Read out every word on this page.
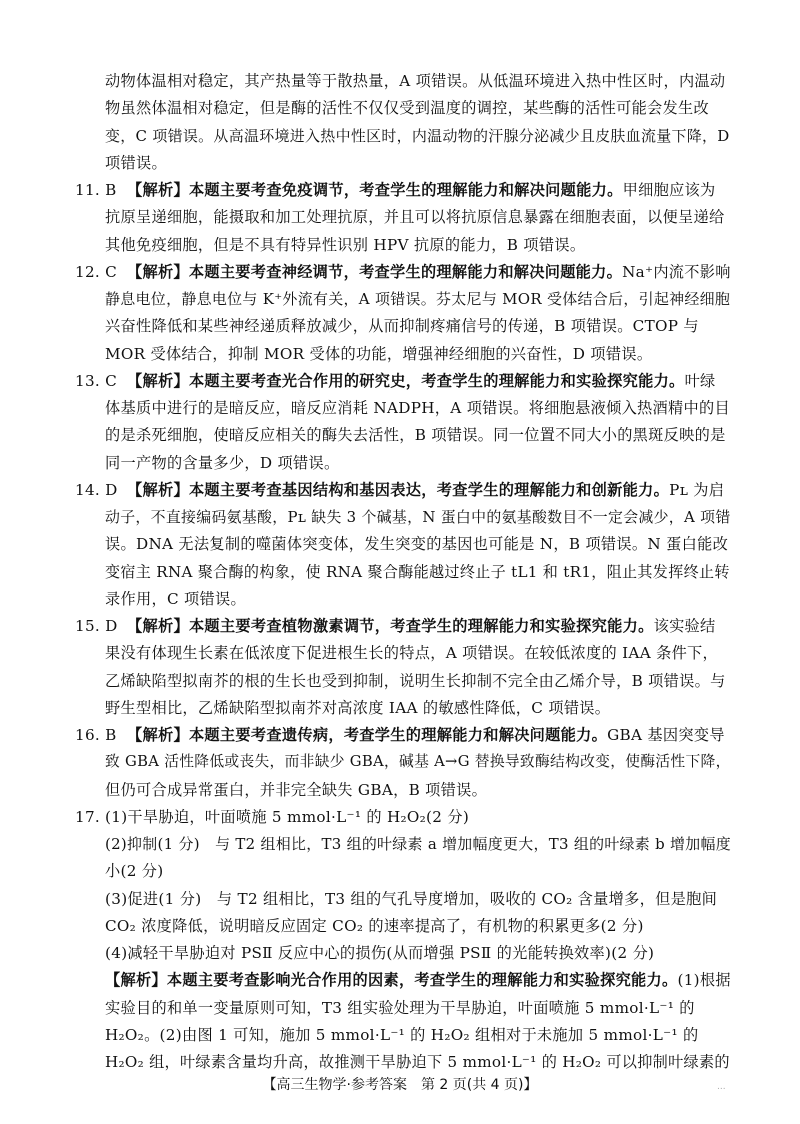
动物体温相对稳定，其产热量等于散热量，A 项错误。从低温环境进入热中性区时，内温动
物虽然体温相对稳定，但是酶的活性不仅仅受到温度的调控，某些酶的活性可能会发生改
变，C 项错误。从高温环境进入热中性区时，内温动物的汗腺分泌减少且皮肤血流量下降，D
项错误。
11. B 【解析】本题主要考查免疫调节，考查学生的理解能力和解决问题能力。甲细胞应该为
抗原呈递细胞，能摄取和加工处理抗原，并且可以将抗原信息暴露在细胞表面，以便呈递给
其他免疫细胞，但是不具有特异性识别 HPV 抗原的能力，B 项错误。
12. C 【解析】本题主要考查神经调节，考查学生的理解能力和解决问题能力。Na⁺内流不影响
静息电位，静息电位与 K⁺外流有关，A 项错误。芬太尼与 MOR 受体结合后，引起神经细胞
兴奋性降低和某些神经递质释放减少，从而抑制疼痛信号的传递，B 项错误。CTOP 与
MOR 受体结合，抑制 MOR 受体的功能，增强神经细胞的兴奋性，D 项错误。
13. C 【解析】本题主要考查光合作用的研究史，考查学生的理解能力和实验探究能力。叶绿
体基质中进行的是暗反应，暗反应消耗 NADPH，A 项错误。将细胞悬液倾入热酒精中的目
的是杀死细胞，使暗反应相关的酶失去活性，B 项错误。同一位置不同大小的黑斑反映的是
同一产物的含量多少，D 项错误。
14. D 【解析】本题主要考查基因结构和基因表达，考查学生的理解能力和创新能力。Pʟ 为启
动子，不直接编码氨基酸，Pʟ 缺失 3 个碱基，N 蛋白中的氨基酸数目不一定会减少，A 项错
误。DNA 无法复制的噬菌体突变体，发生突变的基因也可能是 N，B 项错误。N 蛋白能改
变宿主 RNA 聚合酶的构象，使 RNA 聚合酶能越过终止子 tL1 和 tR1，阻止其发挥终止转
录作用，C 项错误。
15. D 【解析】本题主要考查植物激素调节，考查学生的理解能力和实验探究能力。该实验结
果没有体现生长素在低浓度下促进根生长的特点，A 项错误。在较低浓度的 IAA 条件下，
乙烯缺陷型拟南芥的根的生长也受到抑制，说明生长抑制不完全由乙烯介导，B 项错误。与
野生型相比，乙烯缺陷型拟南芥对高浓度 IAA 的敏感性降低，C 项错误。
16. B 【解析】本题主要考查遗传病，考查学生的理解能力和解决问题能力。GBA 基因突变导
致 GBA 活性降低或丧失，而非缺少 GBA，碱基 A→G 替换导致酶结构改变，使酶活性下降，
但仍可合成异常蛋白，并非完全缺失 GBA，B 项错误。
17. (1)干旱胁迫，叶面喷施 5 mmol·L⁻¹ 的 H₂O₂(2 分)
(2)抑制(1 分)　与 T2 组相比，T3 组的叶绿素 a 增加幅度更大，T3 组的叶绿素 b 增加幅度
小(2 分)
(3)促进(1 分)　与 T2 组相比，T3 组的气孔导度增加，吸收的 CO₂ 含量增多，但是胞间
CO₂ 浓度降低，说明暗反应固定 CO₂ 的速率提高了，有机物的积累更多(2 分)
(4)减轻干旱胁迫对 PSⅡ 反应中心的损伤(从而增强 PSⅡ 的光能转换效率)(2 分)
【解析】本题主要考查影响光合作用的因素，考查学生的理解能力和实验探究能力。(1)根据
实验目的和单一变量原则可知，T3 组实验处理为干旱胁迫，叶面喷施 5 mmol·L⁻¹ 的
H₂O₂。(2)由图 1 可知，施加 5 mmol·L⁻¹ 的 H₂O₂ 组相对于未施加 5 mmol·L⁻¹ 的
H₂O₂ 组，叶绿素含量均升高，故推测干旱胁迫下 5 mmol·L⁻¹ 的 H₂O₂ 可以抑制叶绿素的
【高三生物学·参考答案　第 2 页(共 4 页)】	...
